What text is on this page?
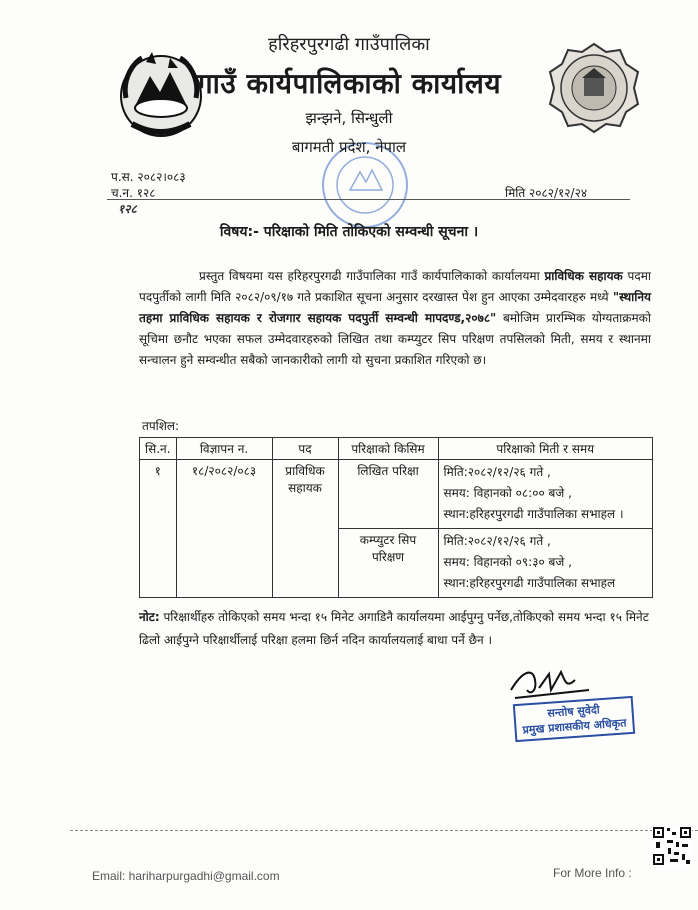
हरिहरपुरगढी गाउँपालिका
गाउँ कार्यपालिकाको कार्यालय
झन्झने, सिन्धुली
बागमती प्रदेश, नेपाल
प.स. २०८२।०८३
च.न. १२८
१२८
मिति २०८२/१२/२४
विषय:- परिक्षाको मिति तोकिएको सम्वन्धी सूचना ।
प्रस्तुत विषयमा यस हरिहरपुरगढी गाउँपालिका गाउँ कार्यपालिकाको कार्यालयमा प्राविधिक सहायक पदमा पदपुर्तीको लागी मिति २०८२/०९/१७ गते प्रकाशित सूचना अनुसार दरखास्त पेश हुन आएका उम्मेदवारहरु मध्ये "स्थानिय तहमा प्राविधिक सहायक र रोजगार सहायक पदपुर्ती सम्वन्धी मापदण्ड,२०७८" बमोजिम प्रारम्भिक योग्यताक्रमको सूचिमा छनौट भएका सफल उम्मेदवारहरुको लिखित तथा कम्प्युटर सिप परिक्षण तपसिलको मिती, समय र स्थानमा सन्चालन हुने सम्वन्धीत सबैको जानकारीको लागी यो सुचना प्रकाशित गरिएको छ।
तपशिल:
सि.न.	विज्ञापन न.	पद	परिक्षाको किसिम	परिक्षाको मिती र समय
१	१८/२०८२/०८३	प्राविधिक सहायक	लिखित परिक्षा	मिति:२०८२/१२/२६ गते ,
समय: विहानको ०८:०० बजे ,
स्थान:हरिहरपुरगढी गाउँपालिका सभाहल ।

			कम्प्युटर सिप परिक्षण	मिति:२०८२/१२/२६ गते ,
समय: विहानको ०९:३० बजे ,
स्थान:हरिहरपुरगढी गाउँपालिका सभाहल
नोट: परिक्षार्थीहरु तोकिएको समय भन्दा १५ मिनेट अगाडिनै कार्यालयमा आईपुग्नु पर्नेछ,तोकिएको समय भन्दा १५ मिनेट ढिलो आईपुग्ने परिक्षार्थीलाई परिक्षा हलमा छिर्न नदिन कार्यालयलाई बाधा पर्ने छैन ।
सन्तोष सुवेदी
प्रमुख प्रशासकीय अधिकृत
Email: hariharpurgadhi@gmail.com	For More Info :
